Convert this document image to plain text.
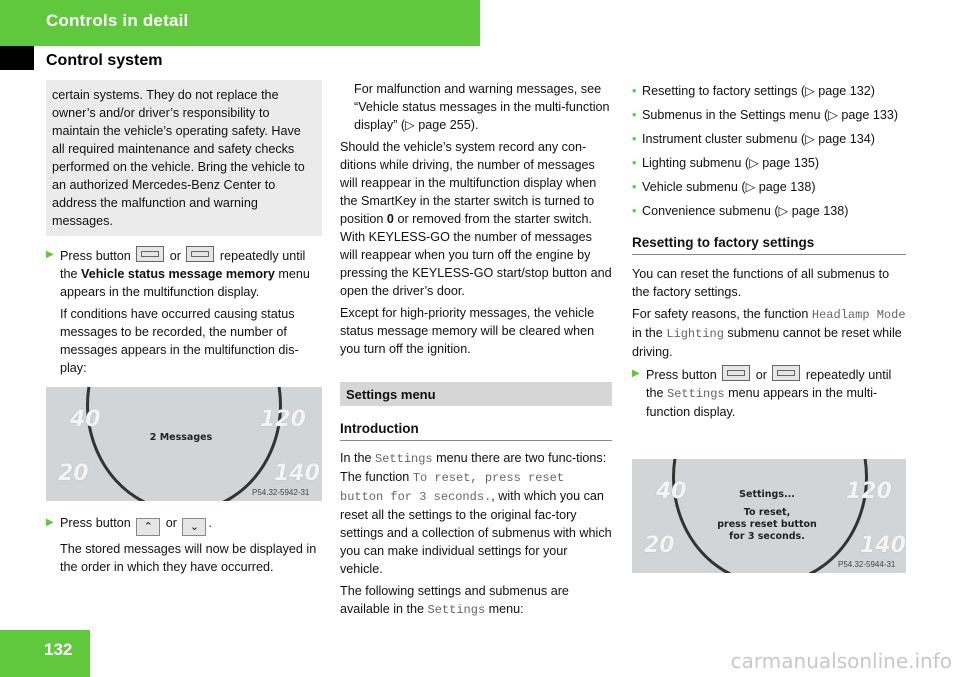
Controls in detail
Control system
certain systems. They do not replace the owner’s and/or driver’s responsibility to maintain the vehicle’s operating safety. Have all required maintenance and safety checks performed on the vehicle. Bring the vehicle to an authorized Mercedes-Benz Center to address the malfunction and warning messages.
▶ Press button	or	repeatedly until the Vehicle status message memory menu appears in the multifunction display.

If conditions have occurred causing status messages to be recorded, the number of messages appears in the multifunction dis-play:

40
20
120
140
2 Messages
P54.32-5942-31
▶ Press button ⌃ or ⌄ .

The stored messages will now be displayed in the order in which they have occurred.

For malfunction and warning messages, see “Vehicle status messages in the multi-function display” (▷ page 255).

Should the vehicle’s system record any con-ditions while driving, the number of messages will reappear in the multifunction display when the SmartKey in the starter switch is turned to position 0 or removed from the starter switch. With KEYLESS-GO the number of messages will reappear when you turn off the engine by pressing the KEYLESS-GO start/stop button and open the driver’s door.

Except for high-priority messages, the vehicle status message memory will be cleared when you turn off the ignition.

Settings menu
Introduction

In the Settings menu there are two func-tions: The function To reset, press reset button for 3 seconds., with which you can reset all the settings to the original fac-tory settings and a collection of submenus with which you can make individual settings for your vehicle.

The following settings and submenus are available in the Settings menu:

• Resetting to factory settings (▷ page 132)
• Submenus in the Settings menu (▷ page 133)
• Instrument cluster submenu (▷ page 134)
• Lighting submenu (▷ page 135)
• Vehicle submenu (▷ page 138)
• Convenience submenu (▷ page 138)
Resetting to factory settings

You can reset the functions of all submenus to the factory settings.

For safety reasons, the function Headlamp Mode in the Lighting submenu cannot be reset while driving.

▶ Press button	or	repeatedly until the Settings menu appears in the multi-function display.

40
20
120
140
Settings...
To reset,
press reset button
for 3 seconds.
P54.32-5944-31
132	carmanualsonline.info
